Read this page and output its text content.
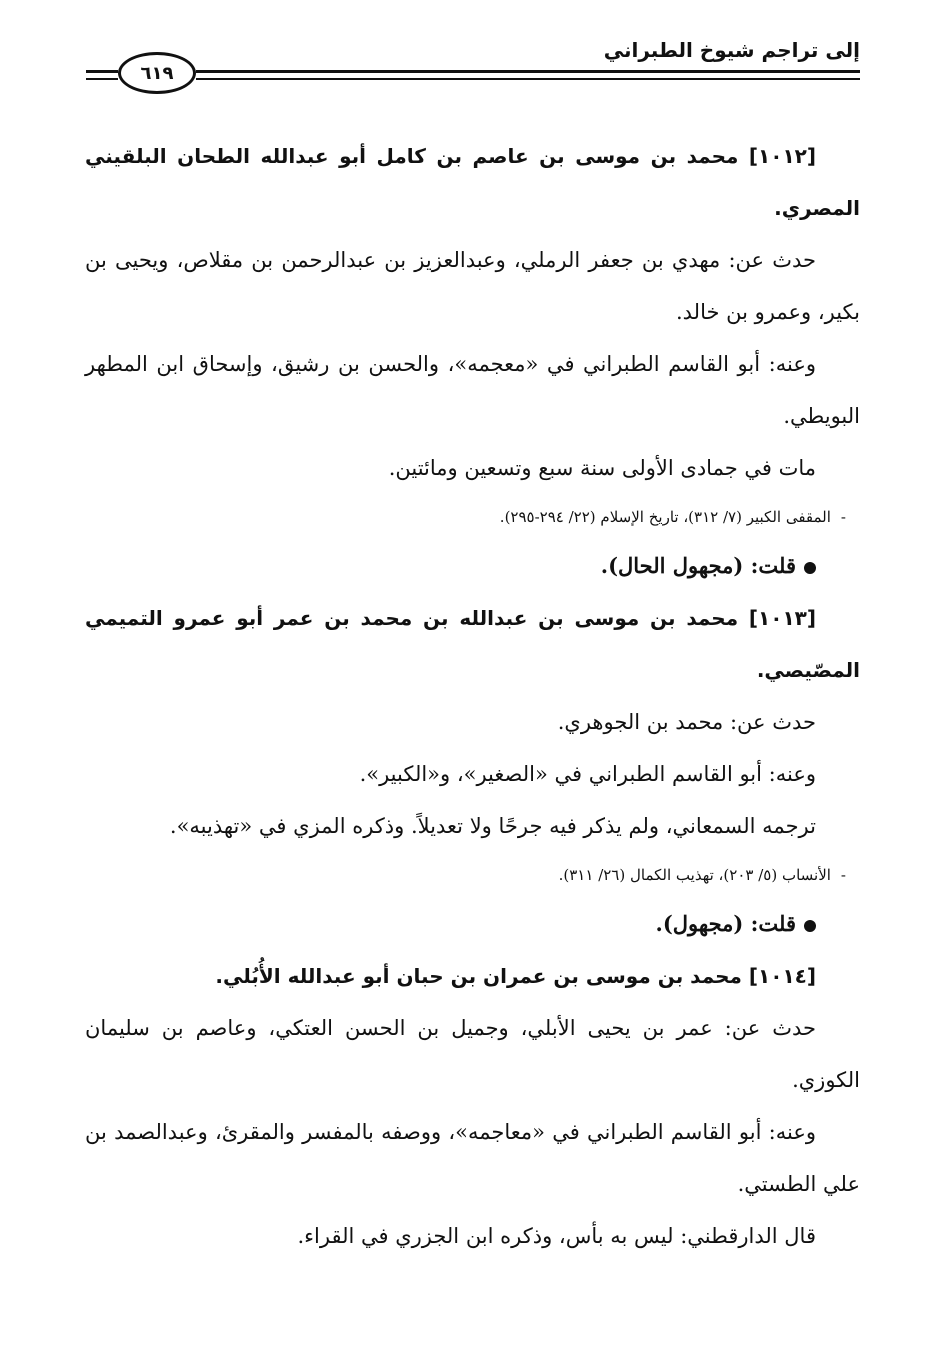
إلى تراجم شيوخ الطبراني
٦١٩

[١٠١٢] محمد بن موسى بن عاصم بن كامل أبو عبدالله الطحان البلقيني المصري.

حدث عن: مهدي بن جعفر الرملي، وعبدالعزيز بن عبدالرحمن بن مقلاص، ويحيى بن بكير، وعمرو بن خالد.

وعنه: أبو القاسم الطبراني في «معجمه»، والحسن بن رشيق، وإسحاق ابن المطهر البويطي.

مات في جمادى الأولى سنة سبع وتسعين ومائتين.

-المقفى الكبير (٧/ ٣١٢)، تاريخ الإسلام (٢٢/ ٢٩٤-٢٩٥).

قلت: (مجهول الحال).

[١٠١٣] محمد بن موسى بن عبدالله بن محمد بن عمر أبو عمرو التميمي المصّيصي.

حدث عن: محمد بن الجوهري.

وعنه: أبو القاسم الطبراني في «الصغير»، و«الكبير».

ترجمه السمعاني، ولم يذكر فيه جرحًا ولا تعديلاً. وذكره المزي في «تهذيبه».

-الأنساب (٥/ ٢٠٣)، تهذيب الكمال (٢٦/ ٣١١).

قلت: (مجهول).

[١٠١٤] محمد بن موسى بن عمران بن حبان أبو عبدالله الأُبُلي.

حدث عن: عمر بن يحيى الأبلي، وجميل بن الحسن العتكي، وعاصم بن سليمان الكوزي.

وعنه: أبو القاسم الطبراني في «معاجمه»، ووصفه بالمفسر والمقرئ، وعبدالصمد بن علي الطستي.

قال الدارقطني: ليس به بأس، وذكره ابن الجزري في القراء.
